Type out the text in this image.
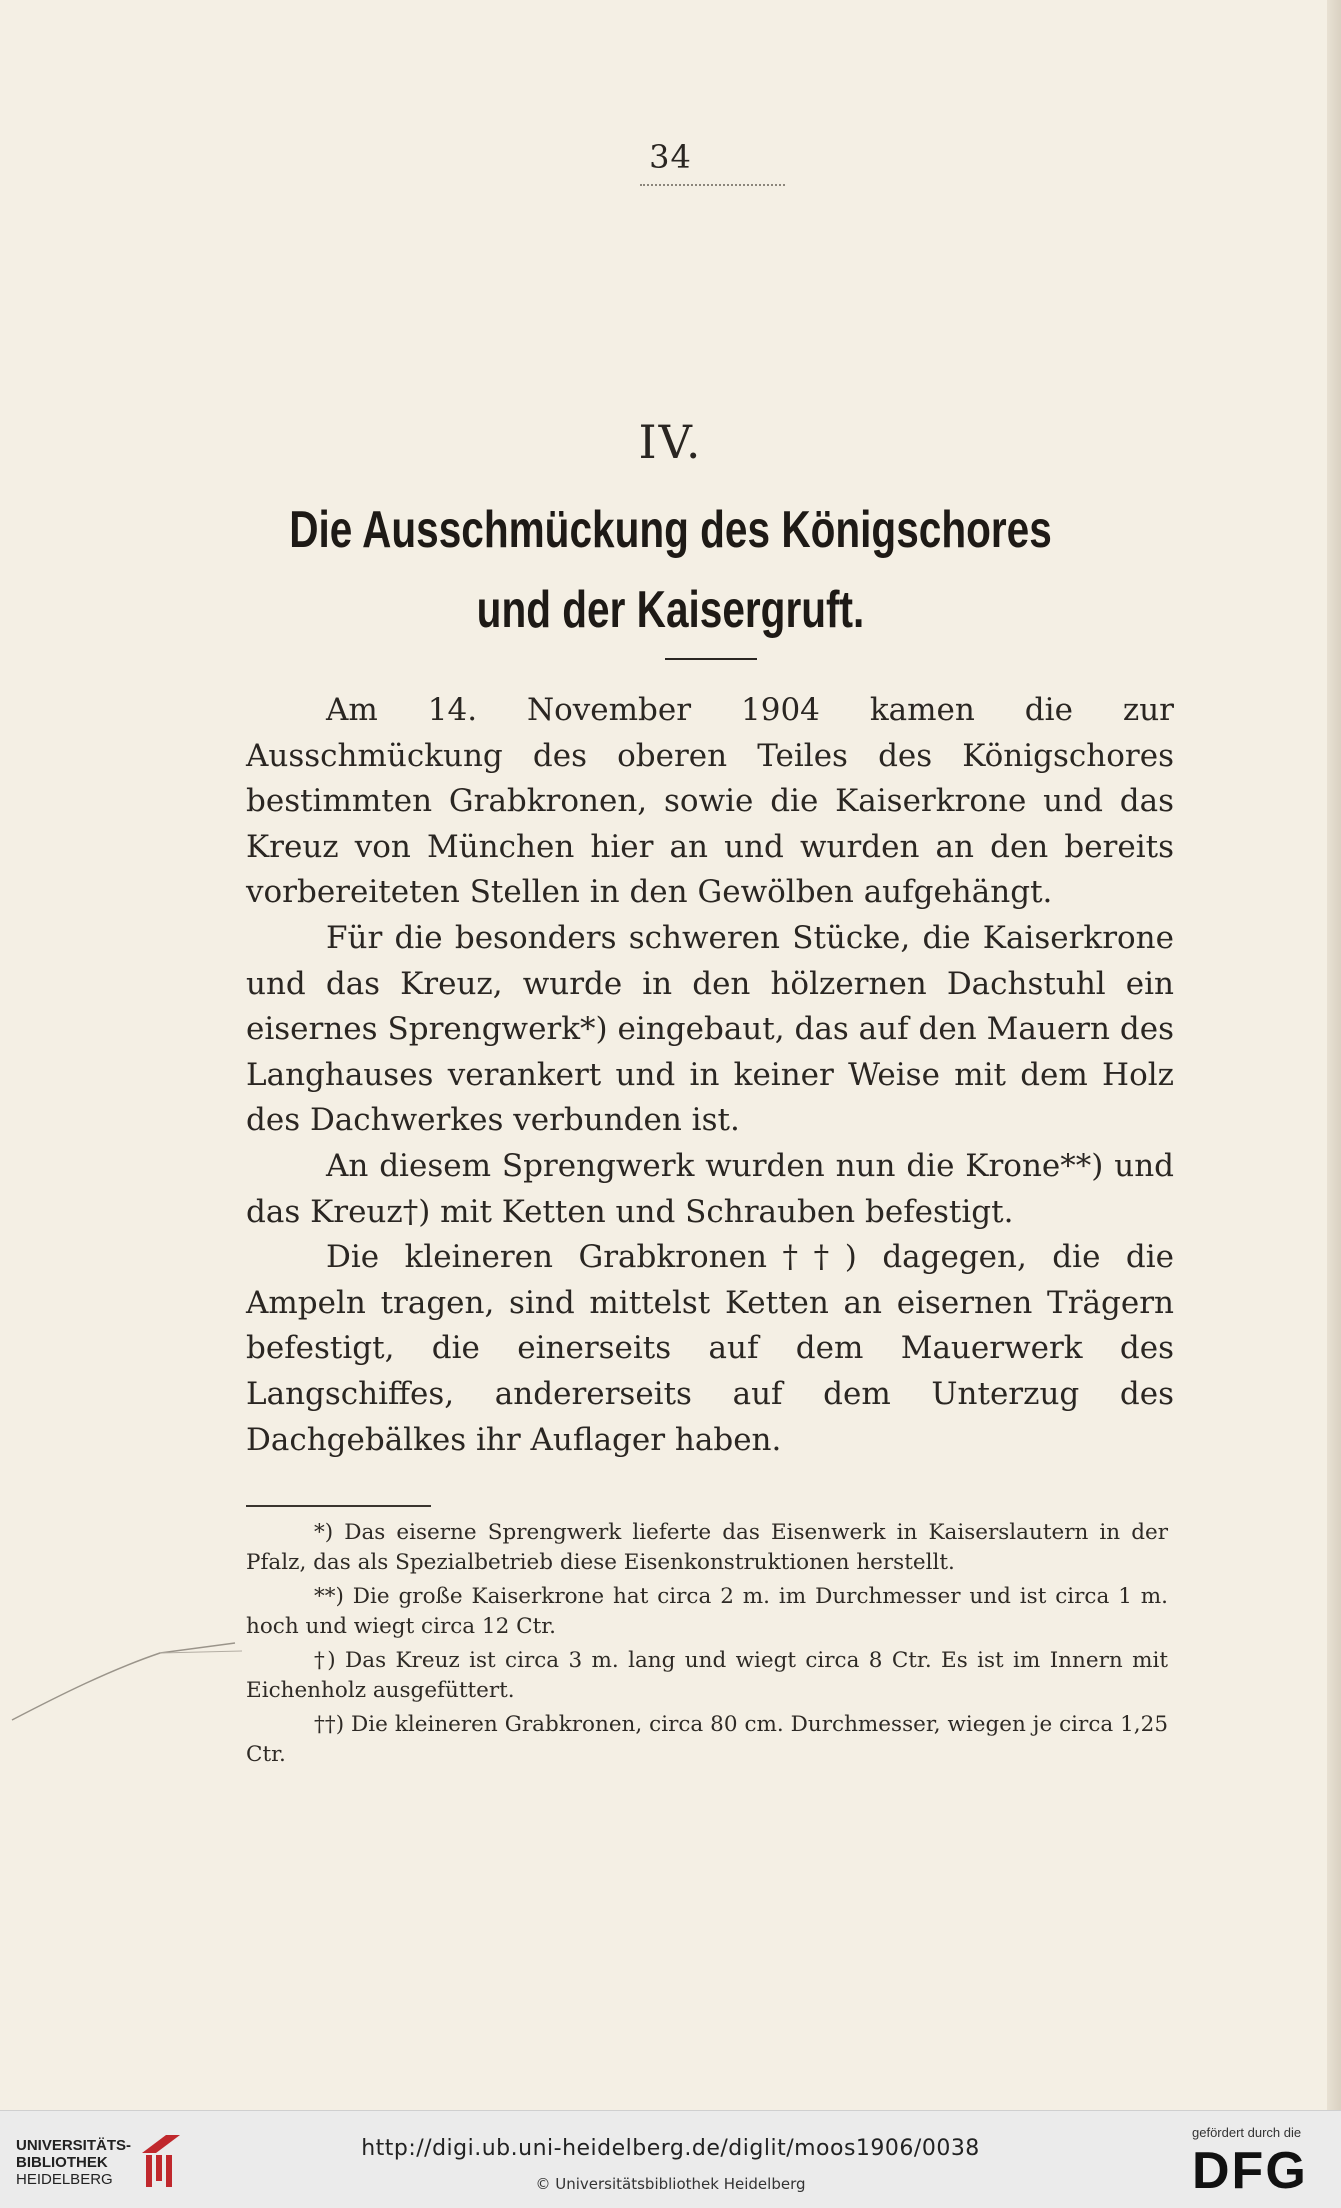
34
IV.
Die Ausschmückung des Königschores
und der Kaisergruft.

Am 14. November 1904 kamen die zur Ausschmückung des oberen Teiles des Königschores bestimmten Grabkronen, sowie die Kaiserkrone und das Kreuz von München hier an und wurden an den bereits vorbereiteten Stellen in den Gewölben aufgehängt.

Für die besonders schweren Stücke, die Kaiserkrone und das Kreuz, wurde in den hölzernen Dachstuhl ein eisernes Sprengwerk*) eingebaut, das auf den Mauern des Langhauses verankert und in keiner Weise mit dem Holz des Dachwerkes verbunden ist.

An diesem Sprengwerk wurden nun die Krone**) und das Kreuz†) mit Ketten und Schrauben befestigt.

Die kleineren Grabkronen††) dagegen, die die Ampeln tragen, sind mittelst Ketten an eisernen Trägern befestigt, die einerseits auf dem Mauerwerk des Langschiffes, andererseits auf dem Unterzug des Dachgebälkes ihr Auflager haben.

*) Das eiserne Sprengwerk lieferte das Eisenwerk in Kaiserslautern in der Pfalz, das als Spezialbetrieb diese Eisenkonstruktionen herstellt.

**) Die große Kaiserkrone hat circa 2 m. im Durchmesser und ist circa 1 m. hoch und wiegt circa 12 Ctr.

†) Das Kreuz ist circa 3 m. lang und wiegt circa 8 Ctr. Es ist im Innern mit Eichenholz ausgefüttert.

††) Die kleineren Grabkronen, circa 80 cm. Durchmesser, wiegen je circa 1,25 Ctr.

UNIVERSITÄTS-
BIBLIOTHEK
HEIDELBERG
http://digi.ub.uni-heidelberg.de/diglit/moos1906/0038
© Universitätsbibliothek Heidelberg
gefördert durch die
DFG
